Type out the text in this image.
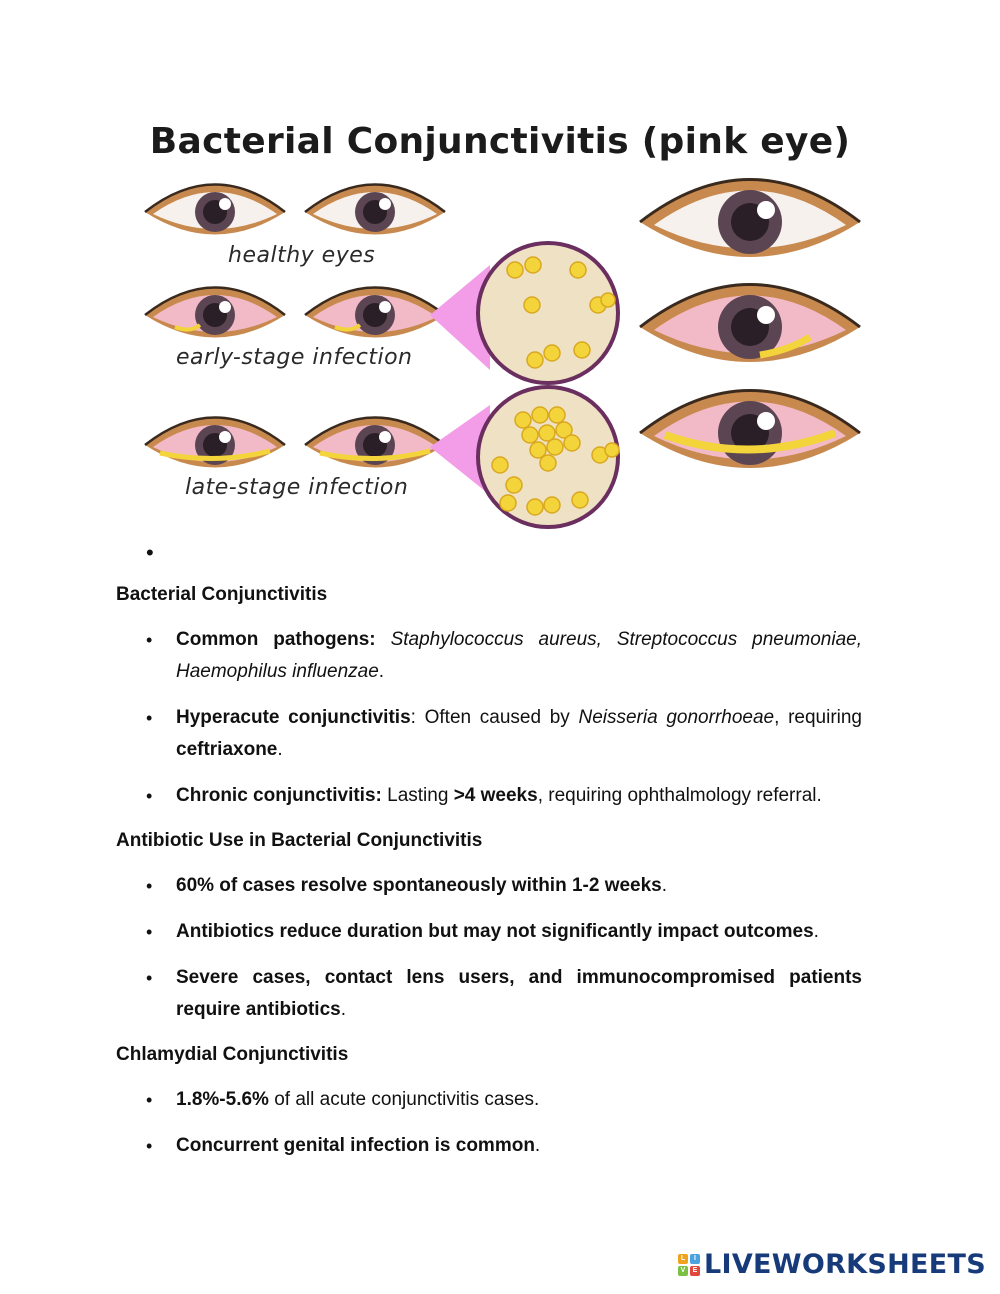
Bacterial Conjunctivitis (pink eye)
healthy eyes
early-stage infection
late-stage infection
•
Bacterial Conjunctivitis
• Common pathogens: Staphylococcus aureus, Streptococcus pneumoniae, Haemophilus influenzae.
• Hyperacute conjunctivitis: Often caused by Neisseria gonorrhoeae, requiring ceftriaxone.
• Chronic conjunctivitis: Lasting >4 weeks, requiring ophthalmology referral.
Antibiotic Use in Bacterial Conjunctivitis
• 60% of cases resolve spontaneously within 1-2 weeks.
• Antibiotics reduce duration but may not significantly impact outcomes.
• Severe cases, contact lens users, and immunocompromised patients require antibiotics.
Chlamydial Conjunctivitis
• 1.8%-5.6% of all acute conjunctivitis cases.
• Concurrent genital infection is common.
L	I
V	E LIVEWORKSHEETS
